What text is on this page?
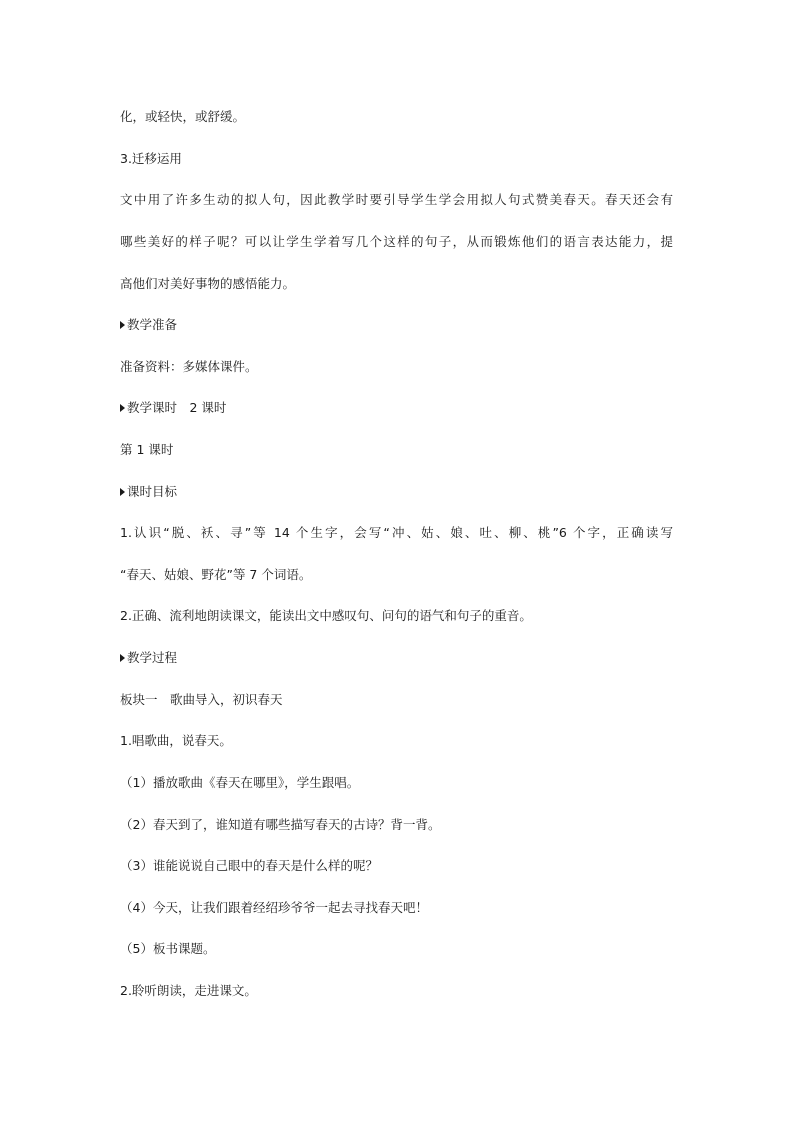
化，或轻快，或舒缓。

3.迁移运用

文中用了许多生动的拟人句，因此教学时要引导学生学会用拟人句式赞美春天。春天还会有

哪些美好的样子呢？可以让学生学着写几个这样的句子，从而锻炼他们的语言表达能力，提

高他们对美好事物的感悟能力。

教学准备

准备资料：多媒体课件。

教学课时　2 课时

第 1 课时

课时目标

1.认识“脱、袄、寻”等 14 个生字，会写“冲、姑、娘、吐、柳、桃”6 个字，正确读写

“春天、姑娘、野花”等 7 个词语。

2.正确、流利地朗读课文，能读出文中感叹句、问句的语气和句子的重音。

教学过程

板块一　歌曲导入，初识春天

1.唱歌曲，说春天。

（1）播放歌曲《春天在哪里》，学生跟唱。

（2）春天到了，谁知道有哪些描写春天的古诗？背一背。

（3）谁能说说自己眼中的春天是什么样的呢？

（4）今天，让我们跟着经绍珍爷爷一起去寻找春天吧！

（5）板书课题。

2.聆听朗读，走进课文。
